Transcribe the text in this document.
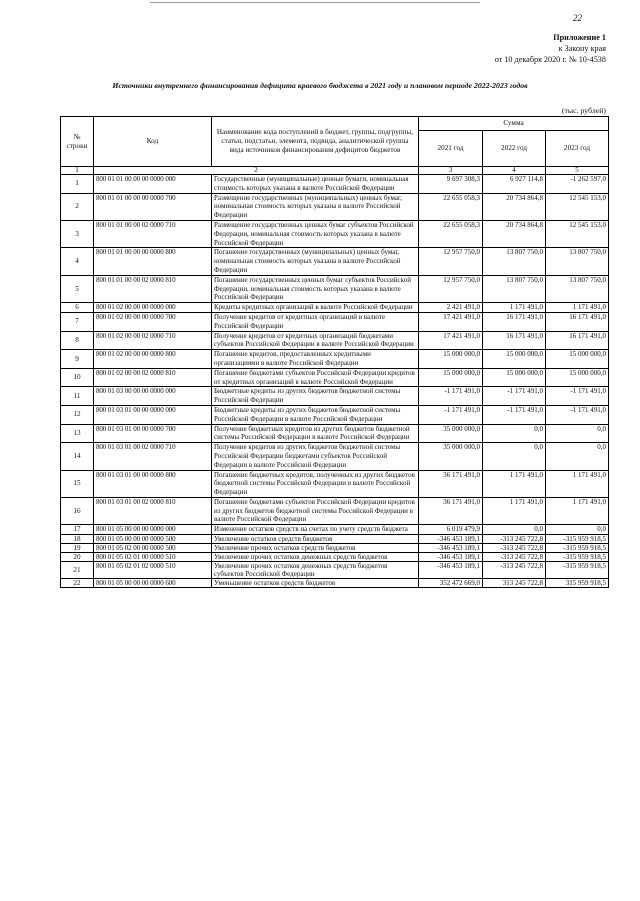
22
Приложение 1
к Закону края
от 10 декабря 2020 г. № 10-4538
Источники внутреннего финансирования дефицита краевого бюджета в 2021 году и плановом периоде 2022-2023 годов
(тыс. рублей)
№ строки	Код	Наименование кода поступлений в бюджет, группы, подгруппы, статьи, подстатьи, элемента, подвида, аналитической группы вида источников финансирования дефицитов бюджетов	Сумма		
			2021 год	2022 год	2023 год
1	2		3	4	5
1	800 01 01 00 00 00 0000 000	Государственные (муниципальные) ценные бумаги, номинальная стоимость которых указана в валюте Российской Федерации	9 697 308,3	6 927 114,8	-1 262 597,0
2	800 01 01 00 00 00 0000 700	Размещение государственных (муниципальных) ценных бумаг, номинальная стоимость которых указана в валюте Российской Федерации	22 655 058,3	20 734 864,8	12 545 153,0
3	800 01 01 00 00 02 0000 710	Размещение государственных ценных бумаг субъектов Российской Федерации, номинальная стоимость которых указана в валюте Российской Федерации	22 655 058,3	20 734 864,8	12 545 153,0
4	800 01 01 00 00 00 0000 800	Погашение государственных (муниципальных) ценных бумаг, номинальная стоимость которых указана в валюте Российской Федерации	12 957 750,0	13 807 750,0	13 807 750,0
5	800 01 01 00 00 02 0000 810	Погашение государственных ценных бумаг субъектов Российской Федерации, номинальная стоимость которых указана в валюте Российской Федерации	12 957 750,0	13 807 750,0	13 807 750,0
6	800 01 02 00 00 00 0000 000	Кредиты кредитных организаций в валюте Российской Федерации	2 421 491,0	1 171 491,0	1 171 491,0
7	800 01 02 00 00 00 0000 700	Получение кредитов от кредитных организаций в валюте Российской Федерации	17 421 491,0	16 171 491,0	16 171 491,0
8	800 01 02 00 00 02 0000 710	Получение кредитов от кредитных организаций бюджетами субъектов Российской Федерации в валюте Российской Федерации	17 421 491,0	16 171 491,0	16 171 491,0
9	800 01 02 00 00 00 0000 800	Погашение кредитов, предоставленных кредитными организациями в валюте Российской Федерации	15 000 000,0	15 000 000,0	15 000 000,0
10	800 01 02 00 00 02 0000 810	Погашение бюджетами субъектов Российской Федерации кредитов от кредитных организаций в валюте Российской Федерации	15 000 000,0	15 000 000,0	15 000 000,0
11	800 01 03 00 00 00 0000 000	Бюджетные кредиты из других бюджетов бюджетной системы Российской Федерации	-1 171 491,0	-1 171 491,0	-1 171 491,0
12	800 01 03 01 00 00 0000 000	Бюджетные кредиты из других бюджетов бюджетной системы Российской Федерации в валюте Российской Федерации	-1 171 491,0	-1 171 491,0	-1 171 491,0
13	800 01 03 01 00 00 0000 700	Получение бюджетных кредитов из других бюджетов бюджетной системы Российской Федерации в валюте Российской Федерации	35 000 000,0	0,0	0,0
14	800 01 03 01 00 02 0000 710	Получение кредитов из других бюджетов бюджетной системы Российской Федерации бюджетами субъектов Российской Федерации в валюте Российской Федерации	35 000 000,0	0,0	0,0
15	800 01 03 01 00 00 0000 800	Погашение бюджетных кредитов, полученных из других бюджетов бюджетной системы Российской Федерации в валюте Российской Федерации	36 171 491,0	1 171 491,0	1 171 491,0
16	800 01 03 01 00 02 0000 810	Погашение бюджетами субъектов Российской Федерации кредитов из других бюджетов бюджетной системы Российской Федерации в валюте Российской Федерации	36 171 491,0	1 171 491,0	1 171 491,0
17	800 01 05 00 00 00 0000 000	Изменение остатков средств на счетах по учету средств бюджета	6 019 479,9	0,0	0,0
18	800 01 05 00 00 00 0000 500	Увеличение остатков средств бюджетов	-346 453 189,1	-313 245 722,8	-315 959 918,5
19	800 01 05 02 00 00 0000 500	Увеличение прочих остатков средств бюджетов	-346 453 189,1	-313 245 722,8	-315 959 918,5
20	800 01 05 02 01 00 0000 510	Увеличение прочих остатков денежных средств бюджетов	-346 453 189,1	-313 245 722,8	-315 959 918,5
21	800 01 05 02 01 02 0000 510	Увеличение прочих остатков денежных средств бюджетов субъектов Российской Федерации	-346 453 189,1	-313 245 722,8	-315 959 918,5
22	800 01 05 00 00 00 0000 600	Уменьшение остатков средств бюджетов	352 472 669,0	313 245 722,8	315 959 918,5
